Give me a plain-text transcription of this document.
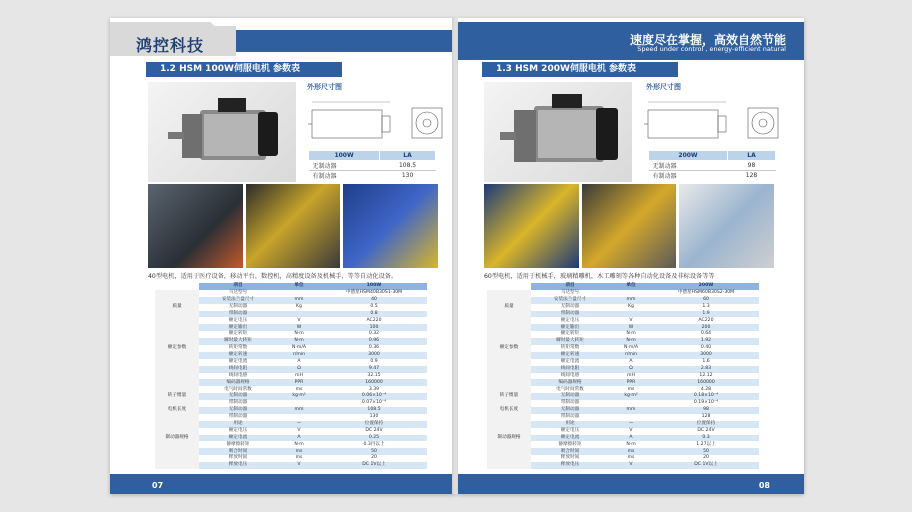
鸿控科技
1.2 HSM 100W伺服电机 参数表
外形尺寸图
100W	LA
无制动器	108.5
有制动器	130
40型电机，适用于医疗设备，移动平台，数控机，高精度设备及机械手，等等自动化设备。
	项目	单位	100W
	马达型号		中德星HSM40B30S1-30M
	安装法兰盘尺寸	mm	40
质量	无制动器	Kg	0.5
	带制动器		0.8
	额定电压	V	AC220
	额定输出	W	100
	额定转矩	N·m	0.32
	瞬时最大转矩	N·m	0.96
额定参数	转矩常数	N·m/A	0.36
	额定转速	r/min	3000
	额定电流	A	0.9
	线间电阻	Ω	9.47
	线间电感	mH	32.15
	编码器规格	PPR	160000
	电气时间常数	ms	3.39
转子惯量	无制动器	kg·m²	0.06×10⁻⁴
	带制动器		0.07×10⁻⁴
电机长度	无制动器	mm	108.5
	带制动器		130
	用途	—	位置保持
	额定电压	V	DC 24V
制动器规格	额定电流	A	0.25
	静摩擦转矩	N·m	0.3円以上
	吸合时间	ms	50
	释放时间	ms	20
	释放电压	V	DC 1V以上
07
速度尽在掌握，高效自然节能
Speed under control , energy-efficient natural
1.3 HSM 200W伺服电机 参数表
外形尺寸图
200W	LA
无制动器	98
有制动器	128
60型电机，适用于机械手，玻璃精雕机，木工雕刻等各种自动化设备及非标设备等等
	项目	单位	200W
	马达型号		中德星HSM60B30S2-30M
	安装法兰盘尺寸	mm	60
质量	无制动器	Kg	1.3
	带制动器		1.9
	额定电压	V	AC220
	额定输出	W	200
	额定转矩	N·m	0.64
	瞬时最大转矩	N·m	1.92
额定参数	转矩常数	N·m/A	0.40
	额定转速	r/min	3000
	额定电流	A	1.6
	线间电阻	Ω	2.83
	线间电感	mH	12.12
	编码器规格	PPR	160000
	电气时间常数	ms	4.28
转子惯量	无制动器	kg·m²	0.18×10⁻⁴
	带制动器		0.19×10⁻⁴
电机长度	无制动器	mm	98
	带制动器		128
	用途	—	位置保持
	额定电压	V	DC 24V
制动器规格	额定电流	A	0.3
	静摩擦转矩	N·m	1.27以上
	吸合时间	ms	50
	释放时间	ms	20
	释放电压	V	DC 1V以上
08
